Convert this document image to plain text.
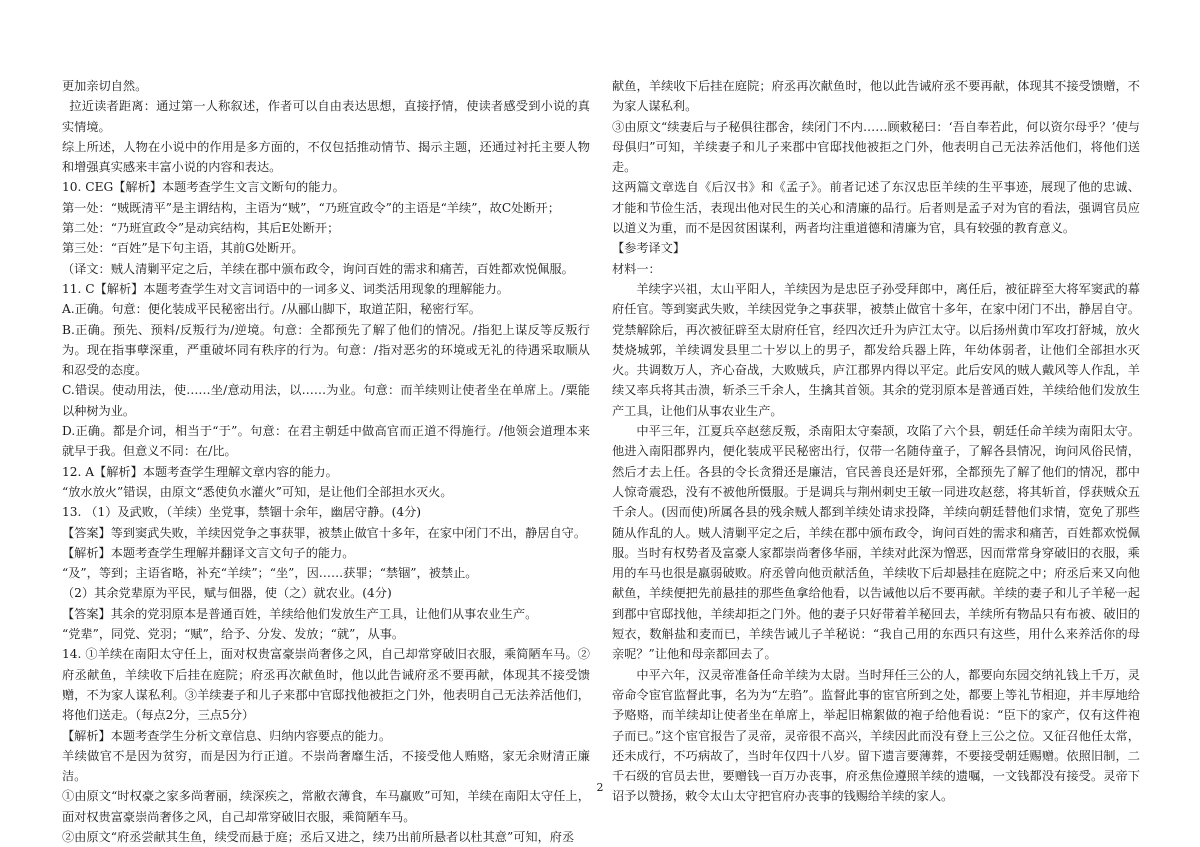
更加亲切自然。

拉近读者距离：通过第一人称叙述，作者可以自由表达思想，直接抒情，使读者感受到小说的真实情境。

综上所述，人物在小说中的作用是多方面的，不仅包括推动情节、揭示主题，还通过衬托主要人物和增强真实感来丰富小说的内容和表达。

10. CEG【解析】本题考查学生文言文断句的能力。

第一处：“贼既清平”是主谓结构，主语为“贼”，“乃班宣政令”的主语是“羊续”，故C处断开；

第二处：“乃班宣政令”是动宾结构，其后E处断开；

第三处：“百姓”是下句主语，其前G处断开。

（译文：贼人清剿平定之后，羊续在郡中颁布政令，询问百姓的需求和痛苦，百姓都欢悦佩服。

11. C【解析】本题考查学生对文言词语中的一词多义、词类活用现象的理解能力。

A.正确。句意：便化装成平民秘密出行。/从郦山脚下，取道芷阳，秘密行军。

B.正确。预先、预料/反叛行为/逆境。句意：全都预先了解了他们的情况。/指犯上谋反等反叛行为。现在指事孽深重，严重破坏同有秩序的行为。句意：/指对恶劣的环境或无礼的待遇采取顺从和忍受的态度。

C.错误。使动用法，使……坐/意动用法，以……为业。句意：而羊续则让使者坐在单席上。/粟能以种树为业。

D.正确。都是介词，相当于“于”。句意：在君主朝廷中做高官而正道不得施行。/他领会道理本来就早于我。但意义不同：在/比。

12. A【解析】本题考查学生理解文章内容的能力。

“放水放火”错误，由原文“悉使负水灌火”可知，是让他们全部担水灭火。

13. （1）及武败，（羊续）坐党事，禁锢十余年，幽居守静。(4分)

【答案】等到窦武失败，羊续因党争之事获罪，被禁止做官十多年，在家中闭门不出，静居自守。

【解析】本题考查学生理解并翻译文言文句子的能力。

“及”，等到；主语省略，补充“羊续”；“坐”，因……获罪；“禁锢”，被禁止。

（2）其余党辈原为平民，赋与佃器，使（之）就农业。(4分)

【答案】其余的党羽原本是普通百姓，羊续给他们发放生产工具，让他们从事农业生产。

“党辈”，同党、党羽；“赋”，给予、分发、发放；“就”，从事。

14. ①羊续在南阳太守任上，面对权贵富豪崇尚奢侈之风，自己却常穿破旧衣服，乘简陋车马。②府丞献鱼，羊续收下后挂在庭院；府丞再次献鱼时，他以此告诫府丞不要再献，体现其不接受馈赠，不为家人谋私利。③羊续妻子和儿子来郡中官邸找他被拒之门外，他表明自己无法养活他们，将他们送走。（每点2分，三点5分）

【解析】本题考查学生分析文章信息、归纳内容要点的能力。

羊续做官不是因为贫穷，而是因为行正道。不崇尚奢靡生活，不接受他人贿赂，家无余财清正廉洁。

①由原文“时权豪之家多尚奢丽，续深疾之，常敝衣薄食，车马羸败”可知，羊续在南阳太守任上，面对权贵富豪崇尚奢侈之风，自己却常穿破旧衣服，乘简陋车马。

②由原文“府丞尝献其生鱼，续受而悬于庭；丞后又进之，续乃出前所悬者以杜其意”可知，府丞

献鱼，羊续收下后挂在庭院；府丞再次献鱼时，他以此告诫府丞不要再献，体现其不接受馈赠，不为家人谋私利。

③由原文“续妻后与子秘俱往郡舍，续闭门不内……顾敕秘曰：‘吾自奉若此，何以资尔母乎？’使与母俱归”可知，羊续妻子和儿子来郡中官邸找他被拒之门外，他表明自己无法养活他们，将他们送走。

这两篇文章选自《后汉书》和《孟子》。前者记述了东汉忠臣羊续的生平事迹，展现了他的忠诚、才能和节俭生活，表现出他对民生的关心和清廉的品行。后者则是孟子对为官的看法，强调官员应以道义为重，而不是因贫困谋利，两者均注重道德和清廉为官，具有较强的教育意义。

【参考译文】

材料一：

羊续字兴祖，太山平阳人，羊续因为是忠臣子孙受拜郎中，离任后，被征辟至大将军窦武的幕府任官。等到窦武失败，羊续因党争之事获罪，被禁止做官十多年，在家中闭门不出，静居自守。党禁解除后，再次被征辟至太尉府任官，经四次迁升为庐江太守。以后扬州黄巾军攻打舒城，放火焚烧城郭，羊续调发县里二十岁以上的男子，都发给兵器上阵，年幼体弱者，让他们全部担水灭火。共调数万人，齐心奋战，大败贼兵，庐江郡界内得以平定。此后安风的贼人戴风等人作乱，羊续又率兵将其击溃，斩杀三千余人，生擒其首领。其余的党羽原本是普通百姓，羊续给他们发放生产工具，让他们从事农业生产。

中平三年，江夏兵卒赵慈反叛，杀南阳太守秦颉，攻陷了六个县，朝廷任命羊续为南阳太守。他进入南阳郡界内，便化装成平民秘密出行，仅带一名随侍童子，了解各县情况，询问风俗民情，然后才去上任。各县的令长贪猾还是廉洁，官民善良还是奸邪，全都预先了解了他们的情况，郡中人惊奇震恐，没有不被他所慑服。于是调兵与荆州刺史王敏一同进攻赵慈，将其斩首，俘获贼众五千余人。(因而使)所属各县的残余贼人都到羊续处请求投降，羊续向朝廷替他们求情，宽免了那些随从作乱的人。贼人清剿平定之后，羊续在郡中颁布政令，询问百姓的需求和痛苦，百姓都欢悦佩服。当时有权势者及富豪人家都崇尚奢侈华丽，羊续对此深为憎恶，因而常常身穿破旧的衣服，乘用的车马也很是羸弱破败。府丞曾向他贡献活鱼，羊续收下后却悬挂在庭院之中；府丞后来又向他献鱼，羊续便把先前悬挂的那些鱼拿给他看，以告诫他以后不要再献。羊续的妻子和儿子羊秘一起到郡中官邸找他，羊续却拒之门外。他的妻子只好带着羊秘回去，羊续所有物品只有布被、破旧的短衣，数斛盐和麦而已，羊续告诫儿子羊秘说：“我自己用的东西只有这些，用什么来养活你的母亲呢？”让他和母亲都回去了。

中平六年，汉灵帝准备任命羊续为太尉。当时拜任三公的人，都要向东园交纳礼钱上千万，灵帝命令宦官监督此事，名为为“左驺”。监督此事的宦官所到之处，都要上等礼节相迎，并丰厚地给予赂赂，而羊续却让使者坐在单席上，举起旧棉絮做的袍子给他看说：“臣下的家产，仅有这件袍子而已。”这个宦官报告了灵帝，灵帝很不高兴，羊续因此而没有登上三公之位。又征召他任太常，还未成行，不巧病故了，当时年仅四十八岁。留下遗言要薄葬，不要接受朝廷赐赠。依照旧制，二千石级的官员去世，要赠钱一百万办丧事，府丞焦俭遵照羊续的遗嘱，一文钱都没有接受。灵帝下诏予以赞扬，敕令太山太守把官府办丧事的钱赐给羊续的家人。

2
